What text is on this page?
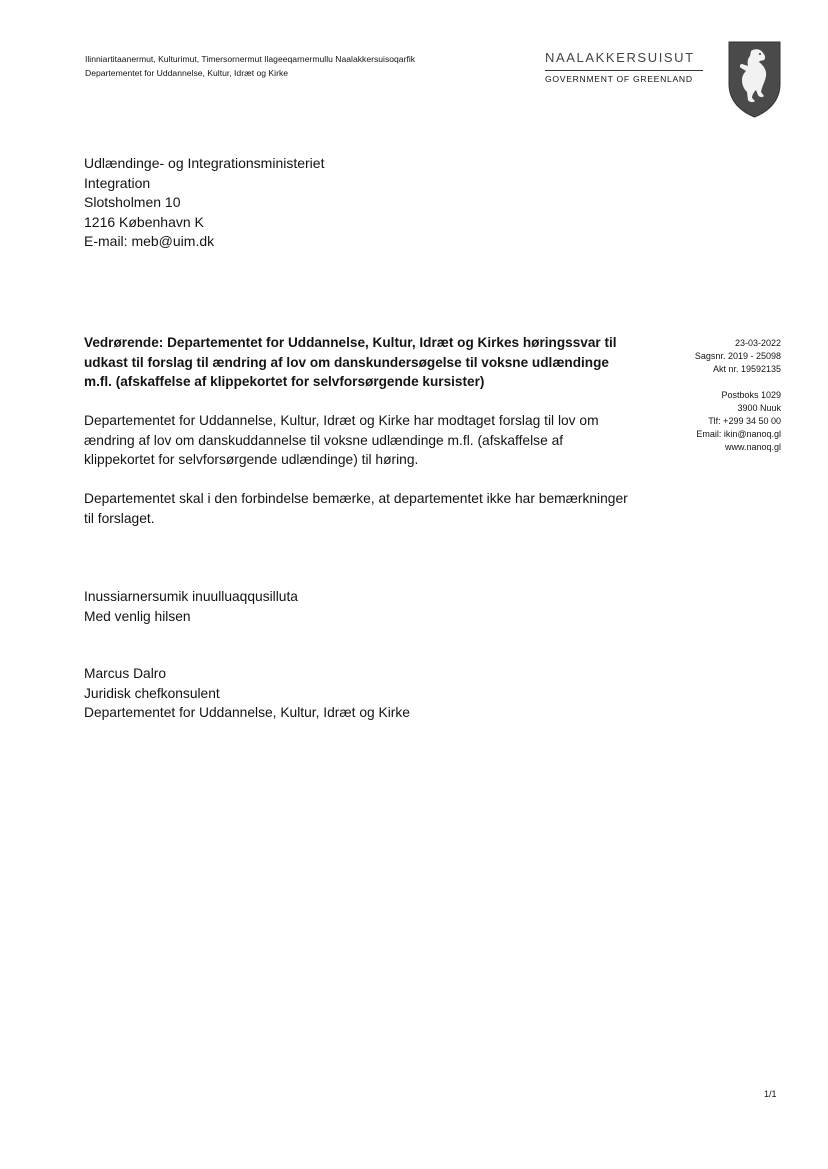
Ilinniartitaanermut, Kulturimut, Timersornermut Ilageeqarnermullu Naalakkersuisoqarfik
Departementet for Uddannelse, Kultur, Idræt og Kirke
NAALAKKERSUISUT
GOVERNMENT OF GREENLAND
Udlændinge- og Integrationsministeriet
Integration
Slotsholmen 10
1216 København K
E-mail: meb@uim.dk
Vedrørende: Departementet for Uddannelse, Kultur, Idræt og Kirkes høringssvar til udkast til forslag til ændring af lov om danskundersøgelse til voksne udlændinge m.fl. (afskaffelse af klippekortet for selvforsørgende kursister)
23-03-2022
Sagsnr. 2019 - 25098
Akt nr. 19592135
Postboks 1029
3900 Nuuk
Tlf: +299 34 50 00
Email: ikin@nanoq.gl
www.nanoq.gl
Departementet for Uddannelse, Kultur, Idræt og Kirke har modtaget forslag til lov om ændring af lov om danskuddannelse til voksne udlændinge m.fl. (afskaffelse af klippekortet for selvforsørgende udlændinge) til høring.
Departementet skal i den forbindelse bemærke, at departementet ikke har bemærkninger til forslaget.
Inussiarnersumik inuulluaqqusilluta
Med venlig hilsen
Marcus Dalro
Juridisk chefkonsulent
Departementet for Uddannelse, Kultur, Idræt og Kirke
1/1
